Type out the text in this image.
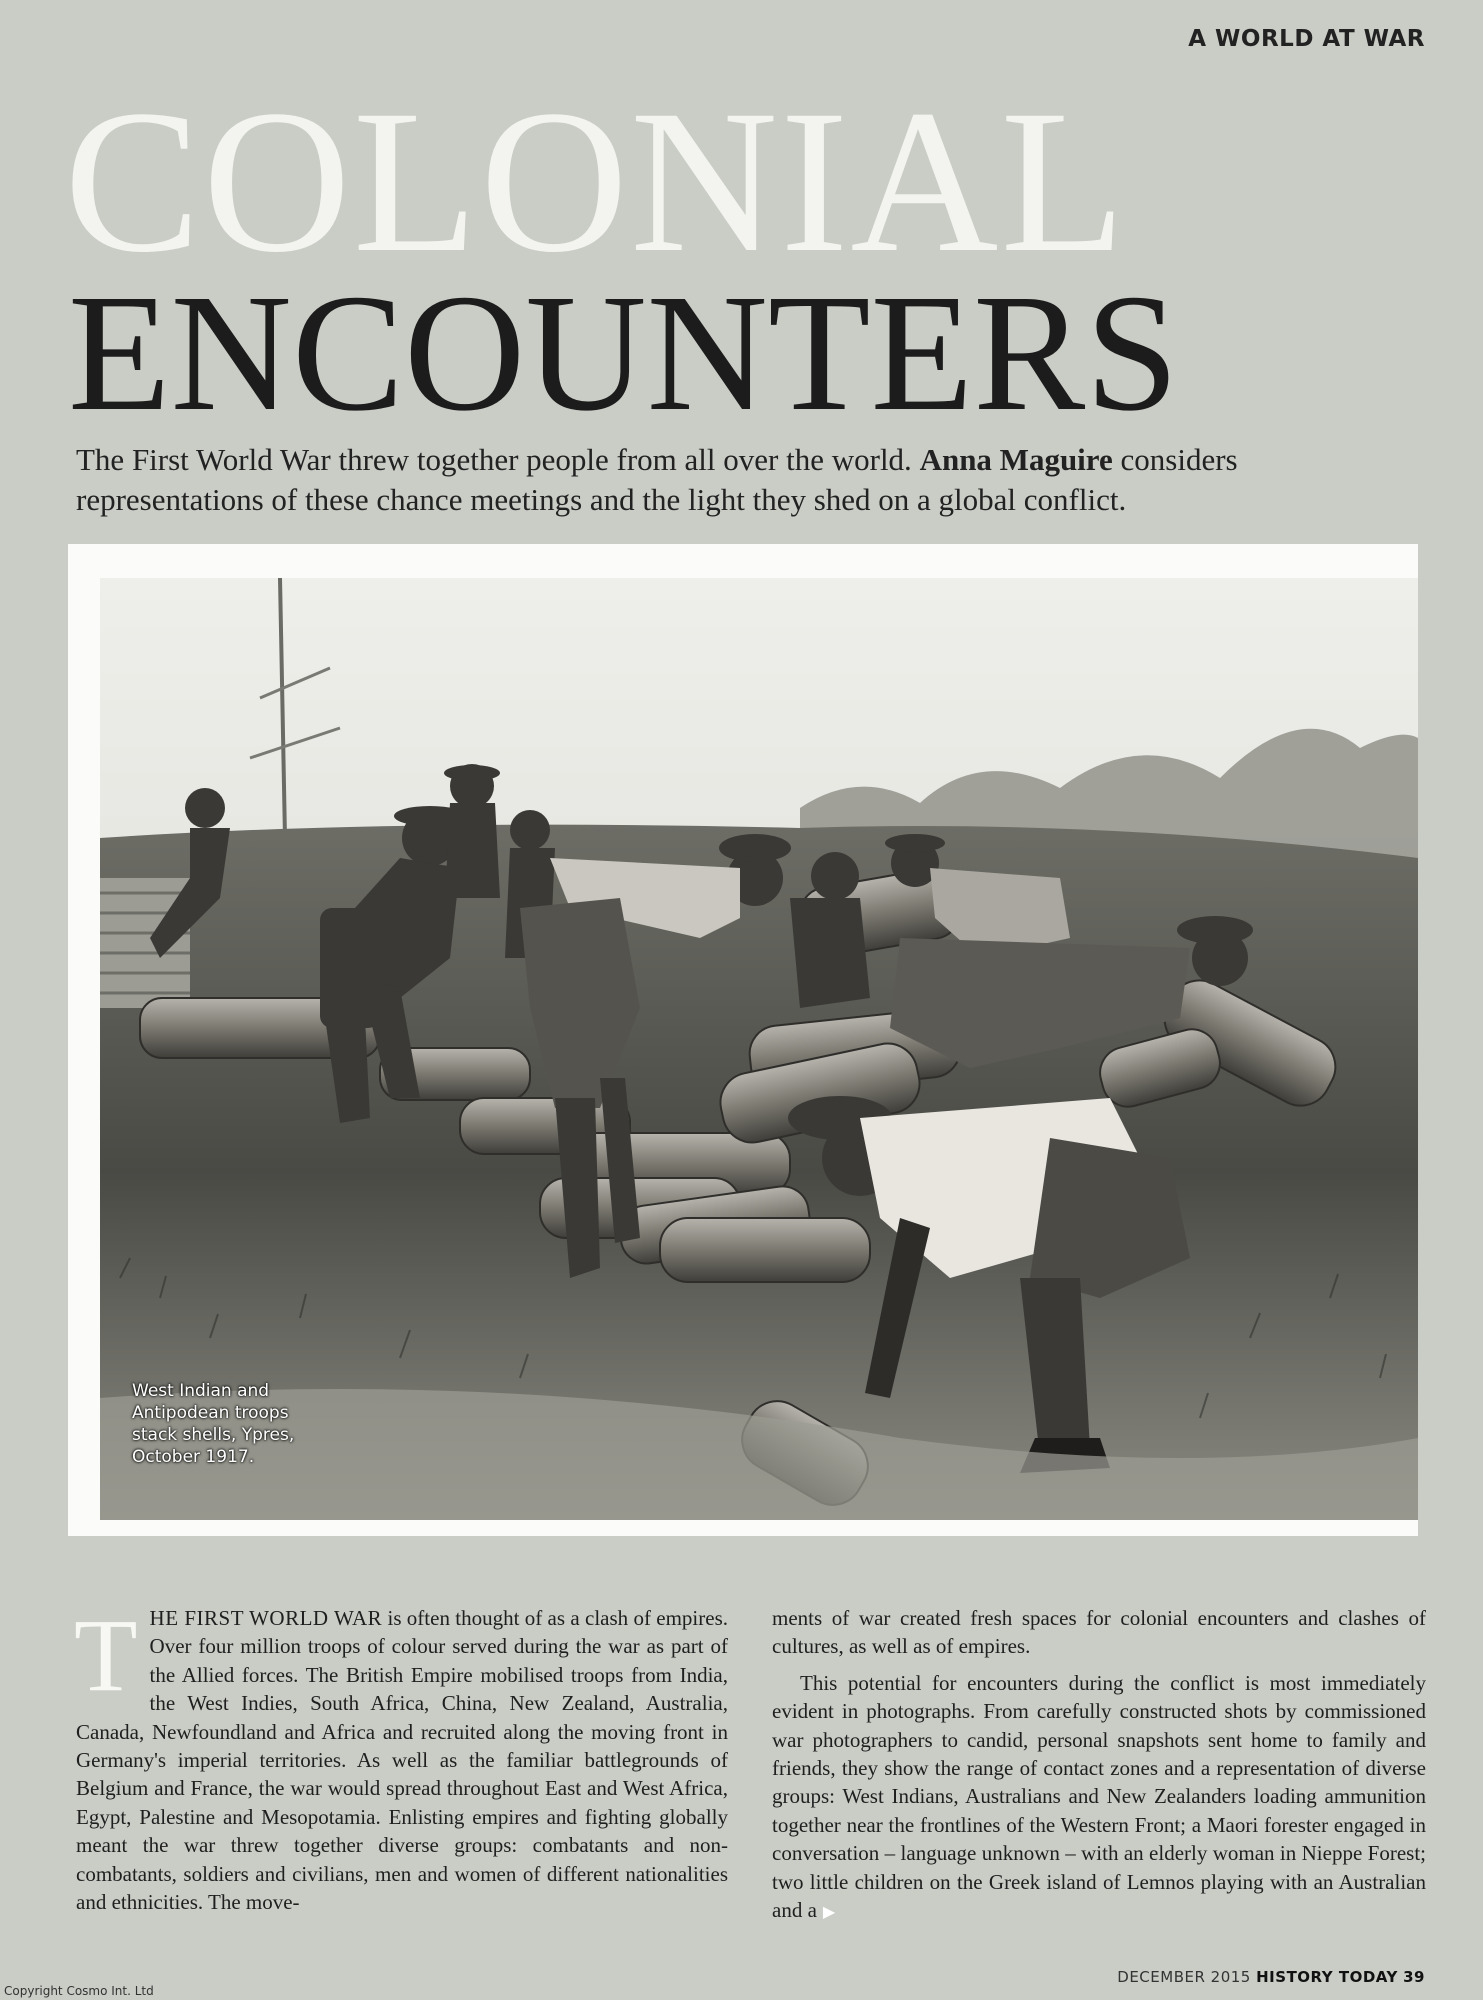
A WORLD AT WAR
COLONIAL
ENCOUNTERS
The First World War threw together people from all over the world. Anna Maguire considers representations of these chance meetings and the light they shed on a global conflict.
West Indian and Antipodean troops stack shells, Ypres, October 1917.

THE FIRST WORLD WAR is often thought of as a clash of empires. Over four million troops of colour served during the war as part of the Allied forces. The British Empire mobilised troops from India, the West Indies, South Africa, China, New Zealand, Australia, Canada, Newfoundland and Africa and recruited along the moving front in Germany's imperial territories. As well as the familiar battlegrounds of Belgium and France, the war would spread throughout East and West Africa, Egypt, Palestine and Mesopotamia. Enlisting empires and fighting globally meant the war threw together diverse groups: combatants and non-combatants, soldiers and civilians, men and women of different nationalities and ethnicities. The move-

ments of war created fresh spaces for colonial encounters and clashes of cultures, as well as of empires.

This potential for encounters during the conflict is most immediately evident in photographs. From carefully constructed shots by commissioned war photographers to candid, personal snapshots sent home to family and friends, they show the range of contact zones and a representation of diverse groups: West Indians, Australians and New Zealanders loading ammunition together near the frontlines of the Western Front; a Maori forester engaged in conversation – language unknown – with an elderly woman in Nieppe Forest; two little children on the Greek island of Lemnos playing with an Australian and a ▶

DECEMBER 2015 HISTORY TODAY 39
Copyright Cosmo Int. Ltd
